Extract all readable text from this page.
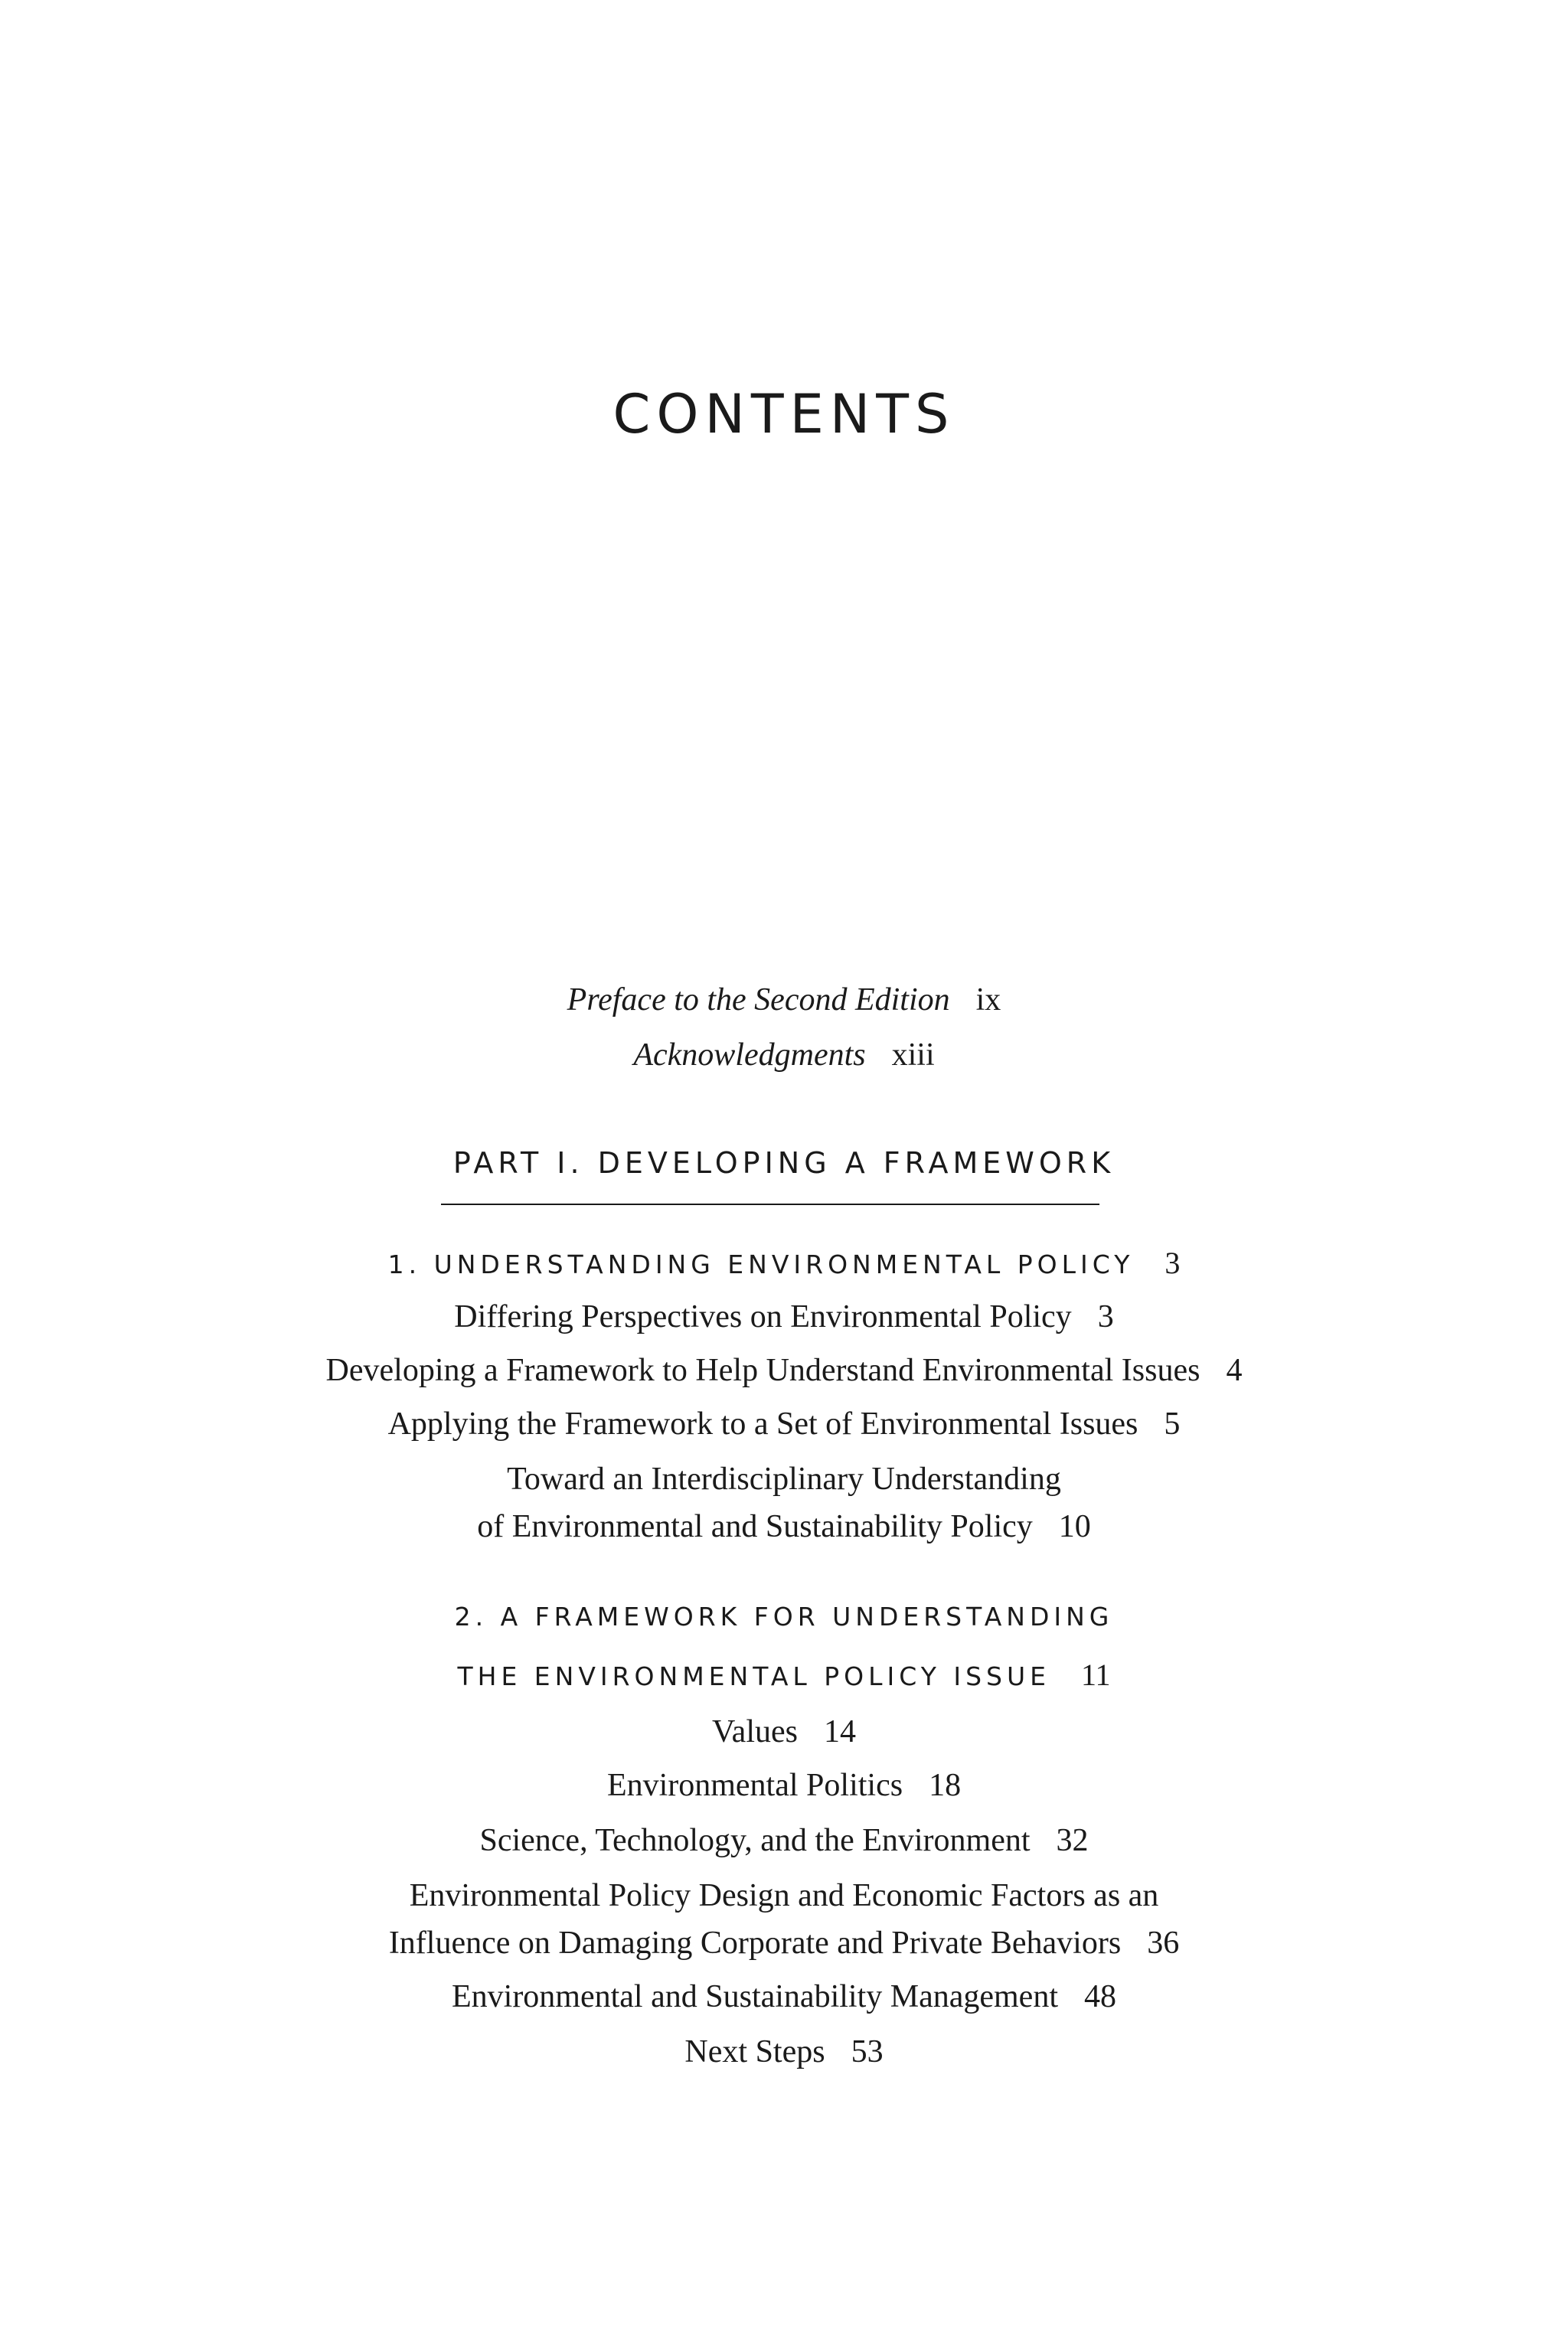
CONTENTS
Preface to the Second Edition ix
Acknowledgments xiii
PART I. DEVELOPING A FRAMEWORK
1. UNDERSTANDING ENVIRONMENTAL POLICY 3
Differing Perspectives on Environmental Policy 3
Developing a Framework to Help Understand Environmental Issues 4
Applying the Framework to a Set of Environmental Issues 5
Toward an Interdisciplinary Understanding
of Environmental and Sustainability Policy 10
2. A FRAMEWORK FOR UNDERSTANDING
THE ENVIRONMENTAL POLICY ISSUE 11
Values 14
Environmental Politics 18
Science, Technology, and the Environment 32
Environmental Policy Design and Economic Factors as an
Influence on Damaging Corporate and Private Behaviors 36
Environmental and Sustainability Management 48
Next Steps 53
